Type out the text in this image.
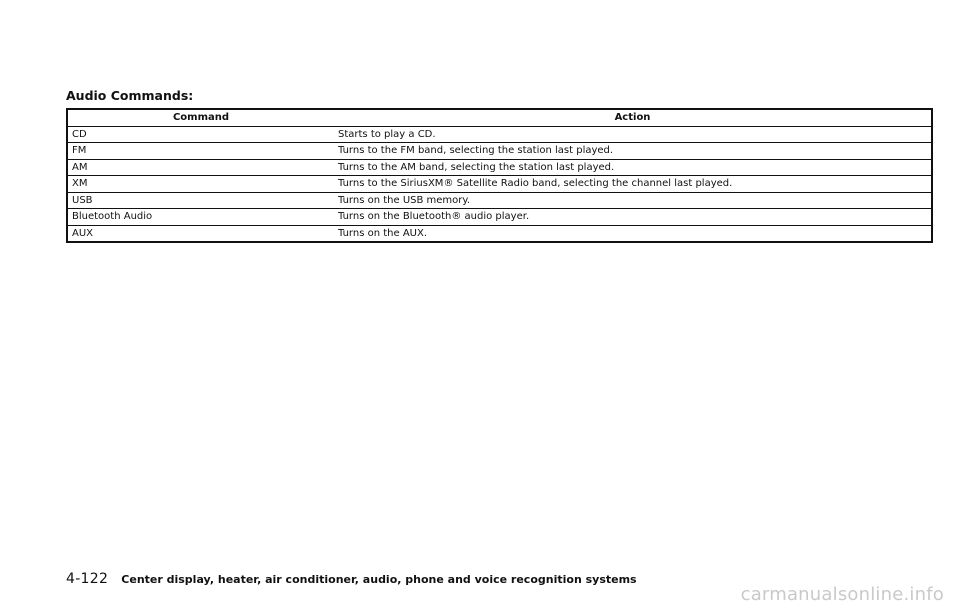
Audio Commands:
Command	Action
CD	Starts to play a CD.
FM	Turns to the FM band, selecting the station last played.
AM	Turns to the AM band, selecting the station last played.
XM	Turns to the SiriusXM® Satellite Radio band, selecting the channel last played.
USB	Turns on the USB memory.
Bluetooth Audio	Turns on the Bluetooth® audio player.
AUX	Turns on the AUX.
4-122 Center display, heater, air conditioner, audio, phone and voice recognition systems
carmanualsonline.info
